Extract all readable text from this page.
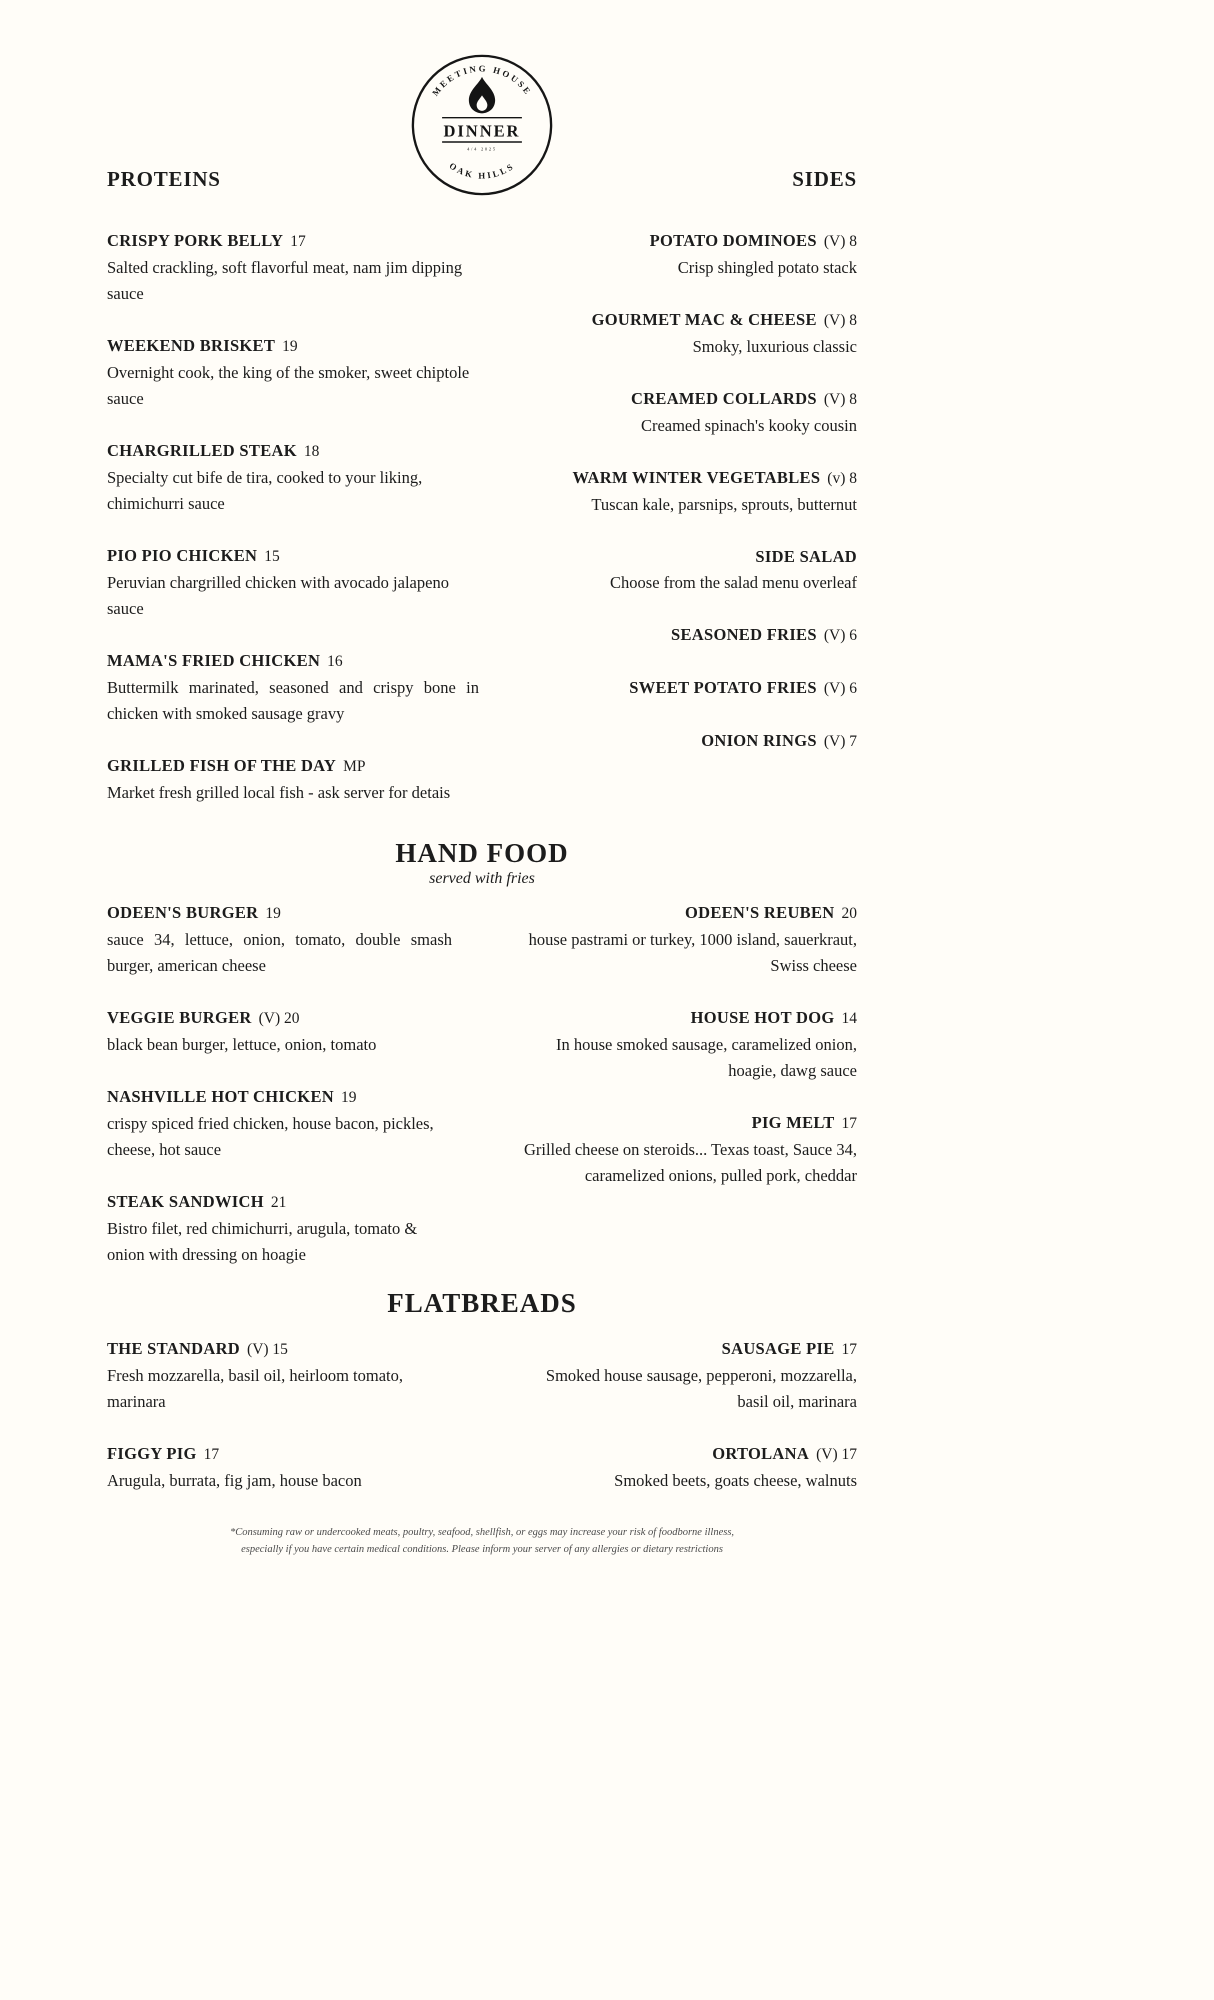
MEETING HOUSE
OAK HILLS
DINNER
4/4 2025
PROTEINS
CRISPY PORK BELLY 17
Salted crackling, soft flavorful meat, nam jim dipping sauce
WEEKEND BRISKET 19
Overnight cook, the king of the smoker, sweet chiptole sauce
CHARGRILLED STEAK 18
Specialty cut bife de tira, cooked to your liking, chimichurri sauce
PIO PIO CHICKEN 15
Peruvian chargrilled chicken with avocado jalapeno sauce
MAMA'S FRIED CHICKEN 16
Buttermilk marinated, seasoned and crispy bone in chicken with smoked sausage gravy
GRILLED FISH OF THE DAY MP
Market fresh grilled local fish - ask server for detais
SIDES
POTATO DOMINOES (V) 8
Crisp shingled potato stack
GOURMET MAC & CHEESE (V) 8
Smoky, luxurious classic
CREAMED COLLARDS (V) 8
Creamed spinach's kooky cousin
WARM WINTER VEGETABLES (v) 8
Tuscan kale, parsnips, sprouts, butternut
SIDE SALAD
Choose from the salad menu overleaf
SEASONED FRIES (V) 6
SWEET POTATO FRIES (V) 6
ONION RINGS (V) 7
HAND FOOD
served with fries
ODEEN'S BURGER 19
sauce 34, lettuce, onion, tomato, double smash burger, american cheese
VEGGIE BURGER (V) 20
black bean burger, lettuce, onion, tomato
NASHVILLE HOT CHICKEN 19
crispy spiced fried chicken, house bacon, pickles, cheese, hot sauce
STEAK SANDWICH 21
Bistro filet, red chimichurri, arugula, tomato & onion with dressing on hoagie
ODEEN'S REUBEN 20
house pastrami or turkey, 1000 island, sauerkraut, Swiss cheese
HOUSE HOT DOG 14
In house smoked sausage, caramelized onion, hoagie, dawg sauce
PIG MELT 17
Grilled cheese on steroids... Texas toast, Sauce 34, caramelized onions, pulled pork, cheddar
FLATBREADS
THE STANDARD (V) 15
Fresh mozzarella, basil oil, heirloom tomato, marinara
FIGGY PIG 17
Arugula, burrata, fig jam, house bacon
SAUSAGE PIE 17
Smoked house sausage, pepperoni, mozzarella, basil oil, marinara
ORTOLANA (V) 17
Smoked beets, goats cheese, walnuts
*Consuming raw or undercooked meats, poultry, seafood, shellfish, or eggs may increase your risk of foodborne illness,
especially if you have certain medical conditions. Please inform your server of any allergies or dietary restrictions
